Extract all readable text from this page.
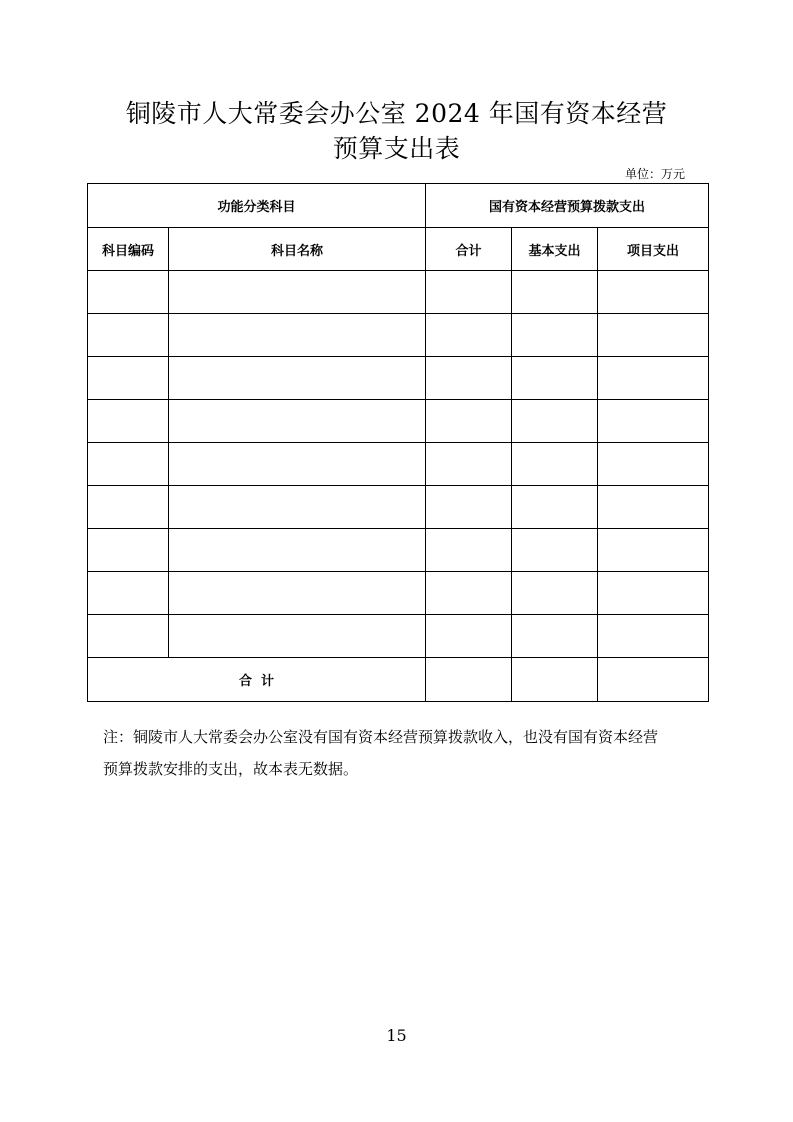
铜陵市人大常委会办公室 2024 年国有资本经营
预算支出表
单位：万元
功能分类科目		国有资本经营预算拨款支出		
科目编码	科目名称	合计	基本支出	项目支出

合  计				

注：铜陵市人大常委会办公室没有国有资本经营预算拨款收入，也没有国有资本经营

预算拨款安排的支出，故本表无数据。

15
